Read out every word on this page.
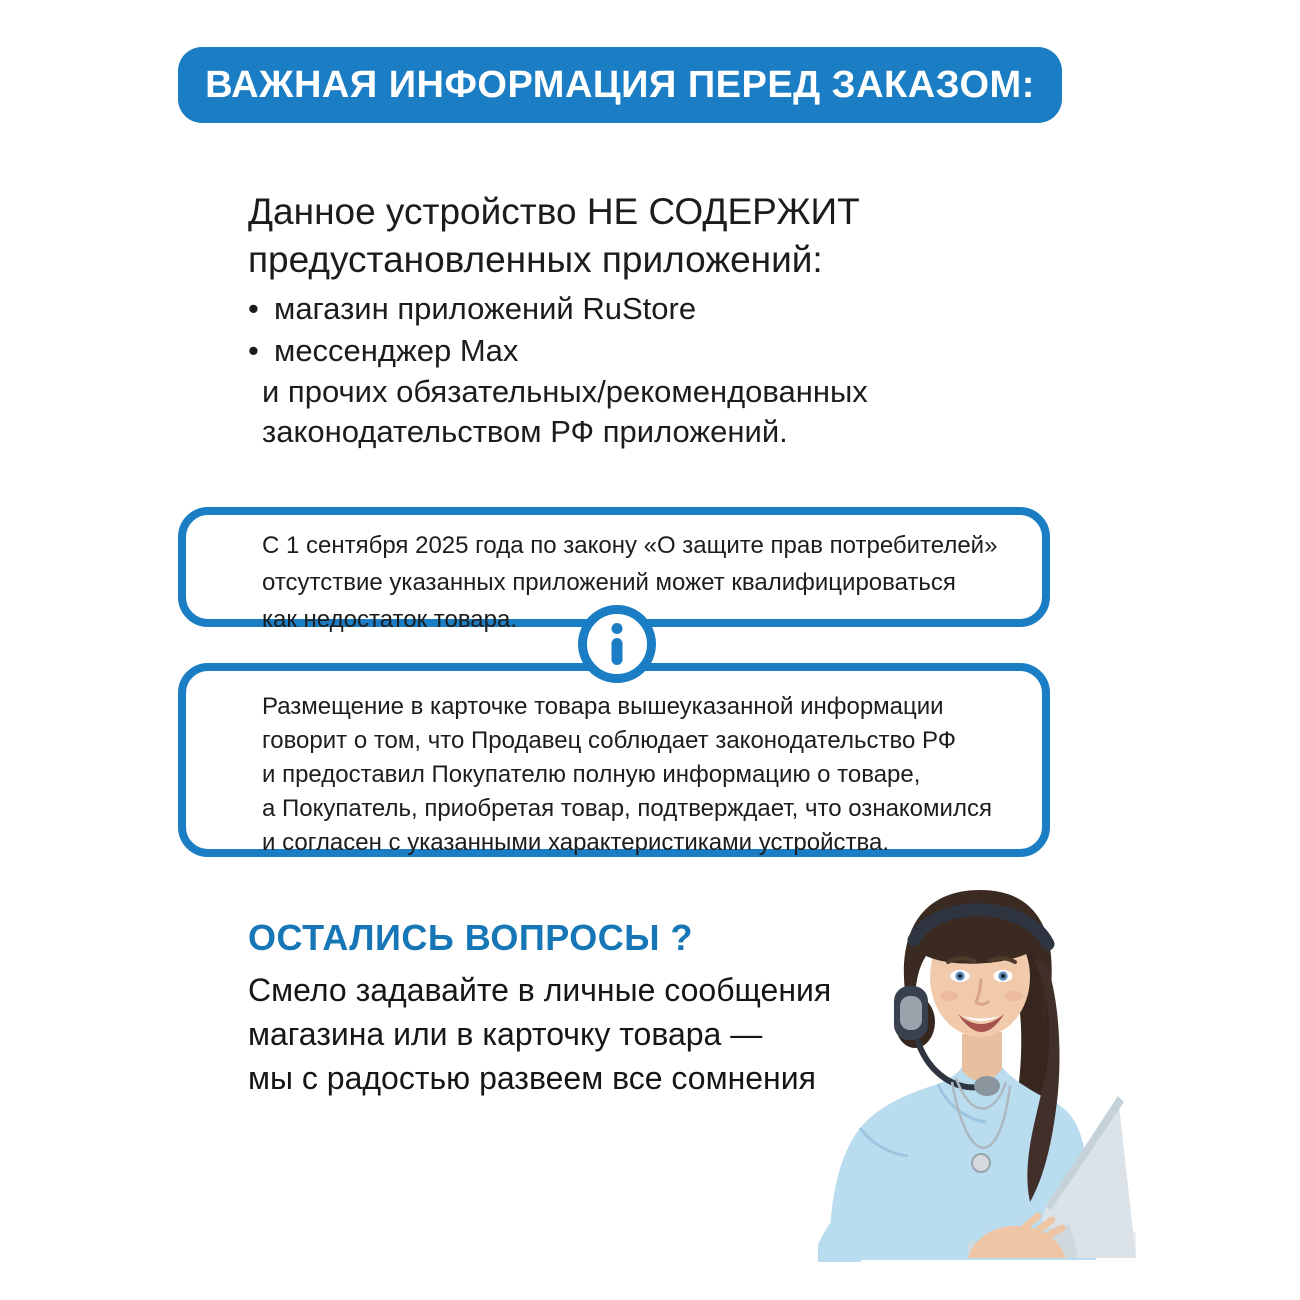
ВАЖНАЯ ИНФОРМАЦИЯ ПЕРЕД ЗАКАЗОМ:
Данное устройство НЕ СОДЕРЖИТ
предустановленных приложений:
• магазин приложений RuStore
• мессенджер Max
и прочих обязательных/рекомендованных
законодательством РФ приложений.
С 1 сентября 2025 года по закону «О защите прав потребителей»
отсутствие указанных приложений может квалифицироваться
как недостаток товара.
Размещение в карточке товара вышеуказанной информации
говорит о том, что Продавец соблюдает законодательство РФ
и предоставил Покупателю полную информацию о товаре,
а Покупатель, приобретая товар, подтверждает, что ознакомился
и согласен с указанными характеристиками устройства.
ОСТАЛИСЬ ВОПРОСЫ ?
Смело задавайте в личные сообщения
магазина или в карточку товара —
мы с радостью развеем все сомнения
